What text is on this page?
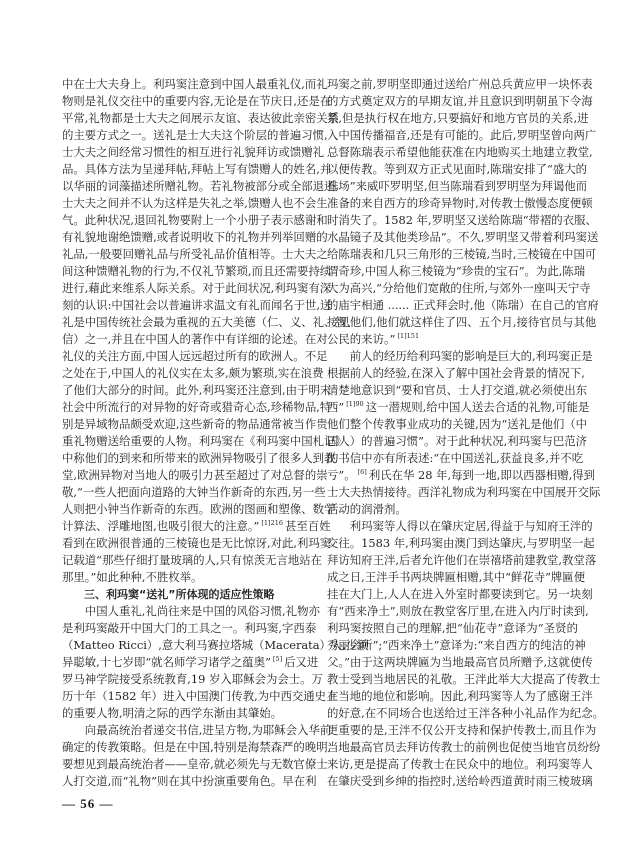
中在士大夫身上。利玛窦注意到中国人最重礼仪,而礼
物则是礼仪交往中的重要内容,无论是在节庆日,还是在
平常,礼物都是士大夫之间展示友谊、表达彼此亲密关系
的主要方式之一。送礼是士大夫这个阶层的普遍习惯,
士大夫之间经常习惯性的相互进行礼貌拜访或馈赠礼
品。具体方法为呈递拜帖,拜帖上写有馈赠人的姓名,并
以华丽的词藻描述所赠礼物。若礼物被部分或全部退还,
士大夫之间并不认为这样是失礼之举,馈赠人也不会生
气。此种状况,退回礼物要附上一个小册子表示感谢和
有礼貌地谢绝馈赠,或者说明收下的礼物并列举回赠的
礼品,一般要回赠礼品与所受礼品价值相等。士大夫之
间这种馈赠礼物的行为,不仅礼节繁琐,而且还需要持续
进行,藉此来维系人际关系。对于此间状况,利玛窦有深
刻的认识:中国社会以普遍讲求温文有礼而闻名于世,送
礼是中国传统社会最为重视的五大美德（仁、义、礼、智、
信）之一,并且在中国人的著作中有详细的论述。在对
礼仪的关注方面,中国人远远超过所有的欧洲人。不足
之处在于,中国人的礼仪实在太多,颇为繁琐,实在浪费
了他们大部分的时间。此外,利玛窦还注意到,由于明末
社会中所流行的对异物的好奇或猎奇心态,珍稀物品,特
别是异域物品颇受欢迎,这些新奇的物品通常被当作贵
重礼物赠送给重要的人物。利玛窦在《利玛窦中国札记》
中称他们的到来和所带来的欧洲异物吸引了很多人到教
堂,欧洲异物对当地人的吸引力甚至超过了对总督的崇
敬,“一些人把面向道路的大钟当作新奇的东西,另一些
人则把小钟当作新奇的东西。欧洲的图画和塑像、数学
计算法、浮雕地图,也吸引很大的注意。” $^{[1]216}$ 甚至百姓
看到在欧洲很普通的三棱镜也是无比惊讶,对此,利玛窦
记载道“那些仔细打量玻璃的人,只有惊羡无言地站在
那里。”如此种种,不胜枚举。
三、利玛窦“送礼”所体现的适应性策略
中国人重礼,礼尚往来是中国的风俗习惯,礼物亦
是利玛窦敲开中国大门的工具之一。利玛窦,字西泰
（Matteo Ricci）,意大利马赛拉塔城（Macerata）人,少颖
异聪敏,十七岁即“就名师学习诸学之蕴奥” [5] 后又进
罗马神学院接受系统教育,19 岁入耶稣会为会士。万
历十年（1582 年）进入中国澳门传教,为中西交通史上
的重要人物,明清之际的西学东渐由其肇始。
向最高统治者递交书信,进呈方物,为耶稣会入华前
确定的传教策略。但是在中国,特别是海禁森严的晚明,
要想见到最高统治者——皇帝,就必须先与无数官僚士
人打交道,而“礼物”则在其中扮演重要角色。早在利
玛窦之前,罗明坚即通过送给广州总兵黄应甲一块怀表
的方式奠定双方的早期友谊,并且意识到明朝虽下令海
禁,但是执行权在地方,只要搞好和地方官员的关系,进
入中国传播福音,还是有可能的。此后,罗明坚曾向两广
总督陈瑞表示希望他能获准在内地购买土地建立教堂,
以便传教。等到双方正式见面时,陈瑞安排了“盛大的
排场”来威吓罗明坚,但当陈瑞看到罗明坚为拜谒他而
准备的来自西方的珍奇异物时,对传教士傲慢态度便顿
时消失了。1582 年,罗明坚又送给陈瑞“带褶的衣服、
水晶镜子及其他类珍品”。不久,罗明坚又带着利玛窦送
给陈瑞表和几只三角形的三棱镜,当时,三棱镜在中国可
谓奇珍,中国人称三棱镜为“珍贵的宝石”。为此,陈瑞
大为高兴,“分给他们宽敞的住所,与郊外一座叫天宁寺
的庙宇相通 ...... 正式拜会时,他（陈瑞）在自己的官府
接见他们,他们就这样住了四、五个月,接待官员与其他
公民的来访。” $^{[1]151}$
前人的经历给利玛窦的影响是巨大的,利玛窦正是
根据前人的经验,在深入了解中国社会背景的情况下,
清楚地意识到“要和官员、士人打交道,就必须使出东
西” $^{[1]90}$ 这一潜规则,给中国人送去合适的礼物,可能是
他们整个传教事业成功的关键,因为“送礼是他们（中
国人）的普遍习惯”。对于此种状况,利玛窦与巴范济
的书信中亦有所表述:“在中国送礼,获益良多,并不吃
亏”。 [6] 利氏在华 28 年,每到一地,即以西器相赠,得到
士大夫热情接待。西洋礼物成为利玛窦在中国展开交际
活动的润滑剂。
利玛窦等人得以在肇庆定居,得益于与知府王泮的
交往。1583 年,利玛窦由澳门到达肇庆,与罗明坚一起
拜访知府王泮,后者允许他们在崇禧塔前建教堂,教堂落
成之日,王泮手书两块牌匾相赠,其中“鲜花寺”牌匾便
挂在大门上,人人在进入外室时都要读到它。另一块刻
有“西来净土”,则放在教堂客厅里,在进入内厅时读到,
利玛窦按照自己的理解,把“仙花寺”意译为“圣贤的
秀丽会所”;“西来净土”意译为:“来自西方的纯洁的神
父。”由于这两块牌匾为当地最高官员所赠予,这就使传
教士受到当地居民的礼敬。王泮此举大大提高了传教士
在当地的地位和影响。因此,利玛窦等人为了感谢王泮
的好意,在不同场合也送给过王泮各种小礼品作为纪念。
更重要的是,王泮不仅公开支持和保护传教士,而且作为
当地最高官员去拜访传教士的前例也促使当地官员纷纷
来访,更是提高了传教士在民众中的地位。利玛窦等人
在肇庆受到乡绅的指控时,送给岭西道黄时雨三棱玻璃
— 56 —
